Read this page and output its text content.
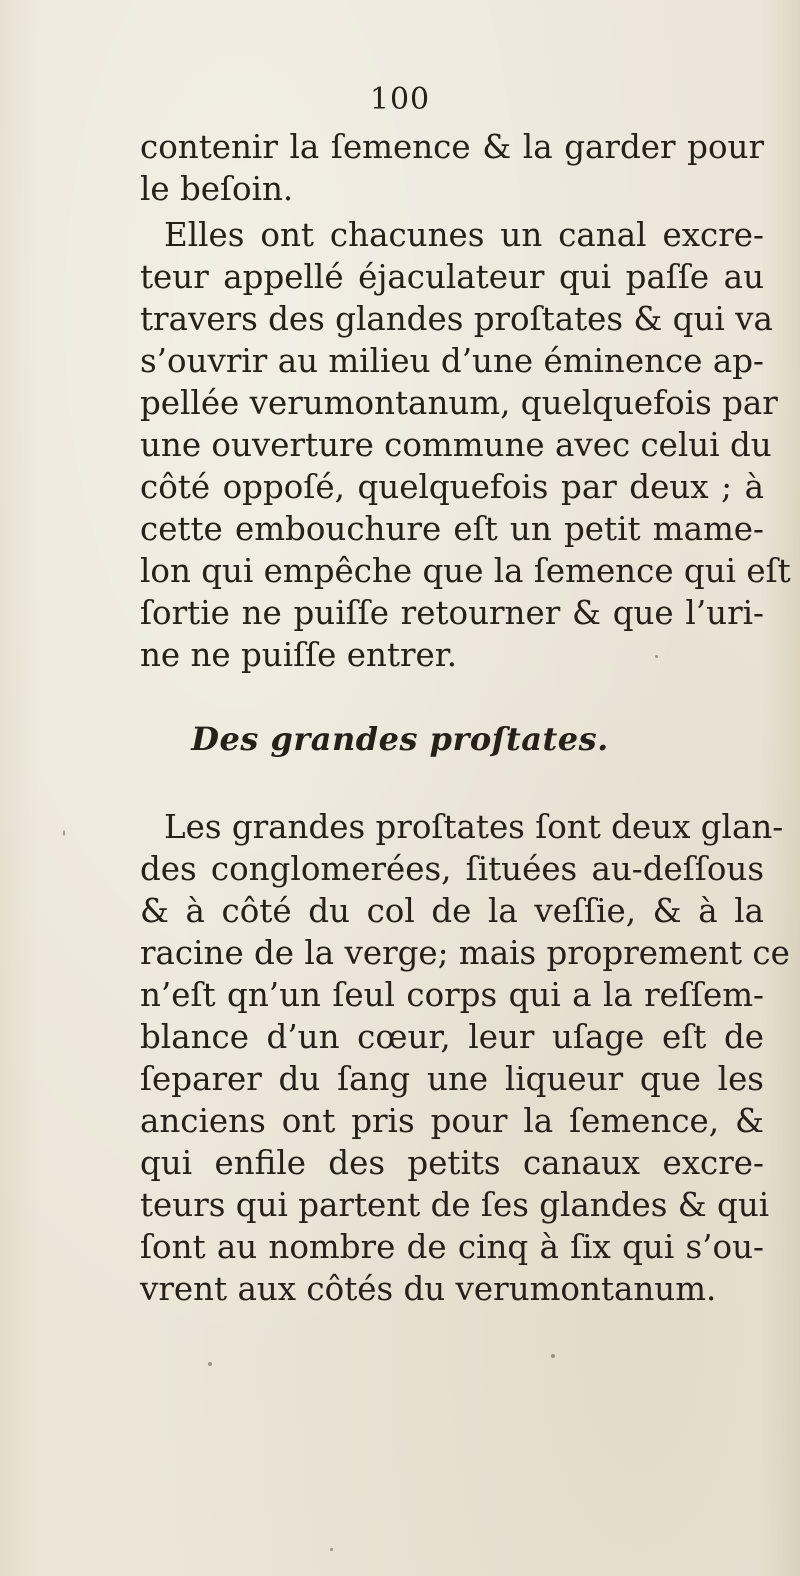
100
contenir la ſemence & la garder pour
le beſoin.
Elles ont chacunes un canal excre-
teur appellé éjaculateur qui paſſe au
travers des glandes proſtates & qui va
s’ouvrir au milieu d’une éminence ap-
pellée verumontanum, quelquefois par
une ouverture commune avec celui du
côté oppoſé, quelquefois par deux ; à
cette embouchure eſt un petit mame-
lon qui empêche que la ſemence qui eſt
ſortie ne puiſſe retourner & que l’uri-
ne ne puiſſe entrer.
Des grandes proſtates.
Les grandes proſtates ſont deux glan-
des conglomerées, ſituées au-deſſous
& à côté du col de la veſſie, & à la
racine de la verge; mais proprement ce
n’eſt qn’un ſeul corps qui a la reſſem-
blance d’un cœur, leur uſage eſt de
ſeparer du ſang une liqueur que les
anciens ont pris pour la ſemence, &
qui enfile des petits canaux excre-
teurs qui partent de ſes glandes & qui
ſont au nombre de cinq à ſix qui s’ou-
vrent aux côtés du verumontanum.
